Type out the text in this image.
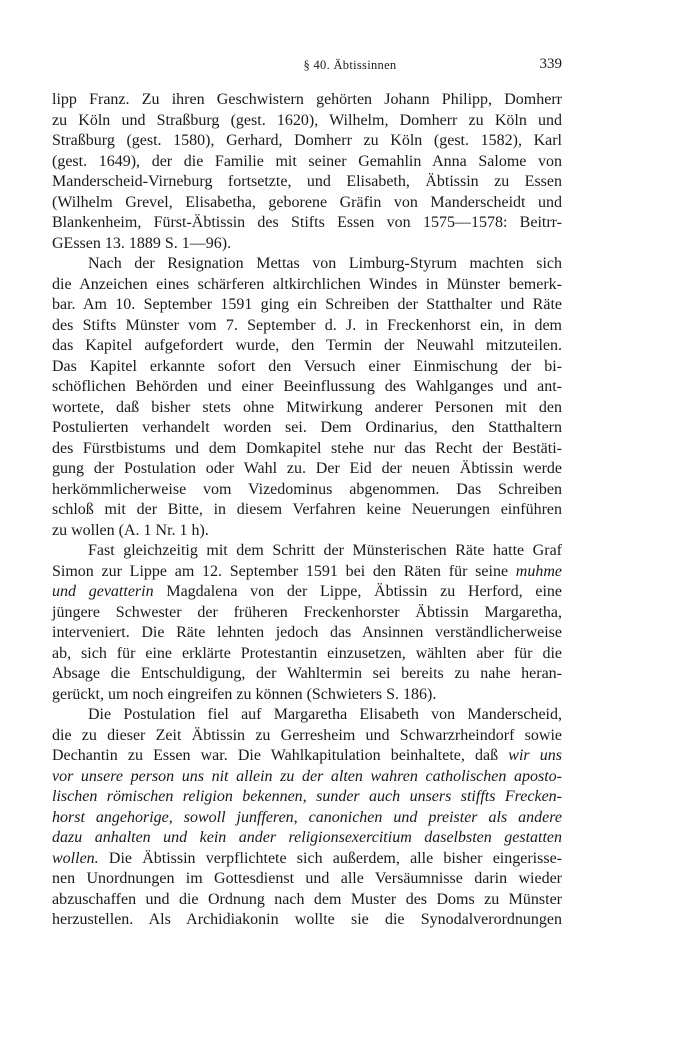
§ 40. Äbtissinnen	339
lipp Franz. Zu ihren Geschwistern gehörten Johann Philipp, Domherr
zu Köln und Straßburg (gest. 1620), Wilhelm, Domherr zu Köln und
Straßburg (gest. 1580), Gerhard, Domherr zu Köln (gest. 1582), Karl
(gest. 1649), der die Familie mit seiner Gemahlin Anna Salome von
Manderscheid-Virneburg fortsetzte, und Elisabeth, Äbtissin zu Essen
(Wilhelm Grevel, Elisabetha, geborene Gräfin von Manderscheidt und
Blankenheim, Fürst-Äbtissin des Stifts Essen von 1575—1578: Beitrr-
GEssen 13. 1889 S. 1—96).
Nach der Resignation Mettas von Limburg-Styrum machten sich
die Anzeichen eines schärferen altkirchlichen Windes in Münster bemerk-
bar. Am 10. September 1591 ging ein Schreiben der Statthalter und Räte
des Stifts Münster vom 7. September d. J. in Freckenhorst ein, in dem
das Kapitel aufgefordert wurde, den Termin der Neuwahl mitzuteilen.
Das Kapitel erkannte sofort den Versuch einer Einmischung der bi-
schöflichen Behörden und einer Beeinflussung des Wahlganges und ant-
wortete, daß bisher stets ohne Mitwirkung anderer Personen mit den
Postulierten verhandelt worden sei. Dem Ordinarius, den Statthaltern
des Fürstbistums und dem Domkapitel stehe nur das Recht der Bestäti-
gung der Postulation oder Wahl zu. Der Eid der neuen Äbtissin werde
herkömmlicherweise vom Vizedominus abgenommen. Das Schreiben
schloß mit der Bitte, in diesem Verfahren keine Neuerungen einführen
zu wollen (A. 1 Nr. 1 h).
Fast gleichzeitig mit dem Schritt der Münsterischen Räte hatte Graf
Simon zur Lippe am 12. September 1591 bei den Räten für seine muhme
und gevatterin Magdalena von der Lippe, Äbtissin zu Herford, eine
jüngere Schwester der früheren Freckenhorster Äbtissin Margaretha,
interveniert. Die Räte lehnten jedoch das Ansinnen verständlicherweise
ab, sich für eine erklärte Protestantin einzusetzen, wählten aber für die
Absage die Entschuldigung, der Wahltermin sei bereits zu nahe heran-
gerückt, um noch eingreifen zu können (Schwieters S. 186).
Die Postulation fiel auf Margaretha Elisabeth von Manderscheid,
die zu dieser Zeit Äbtissin zu Gerresheim und Schwarzrheindorf sowie
Dechantin zu Essen war. Die Wahlkapitulation beinhaltete, daß wir uns
vor unsere person uns nit allein zu der alten wahren catholischen aposto-
lischen römischen religion bekennen, sunder auch unsers stiffts Frecken-
horst angehorige, sowoll junfferen, canonichen und preister als andere
dazu anhalten und kein ander religionsexercitium daselbsten gestatten
wollen. Die Äbtissin verpflichtete sich außerdem, alle bisher eingerisse-
nen Unordnungen im Gottesdienst und alle Versäumnisse darin wieder
abzuschaffen und die Ordnung nach dem Muster des Doms zu Münster
herzustellen. Als Archidiakonin wollte sie die Synodalverordnungen
